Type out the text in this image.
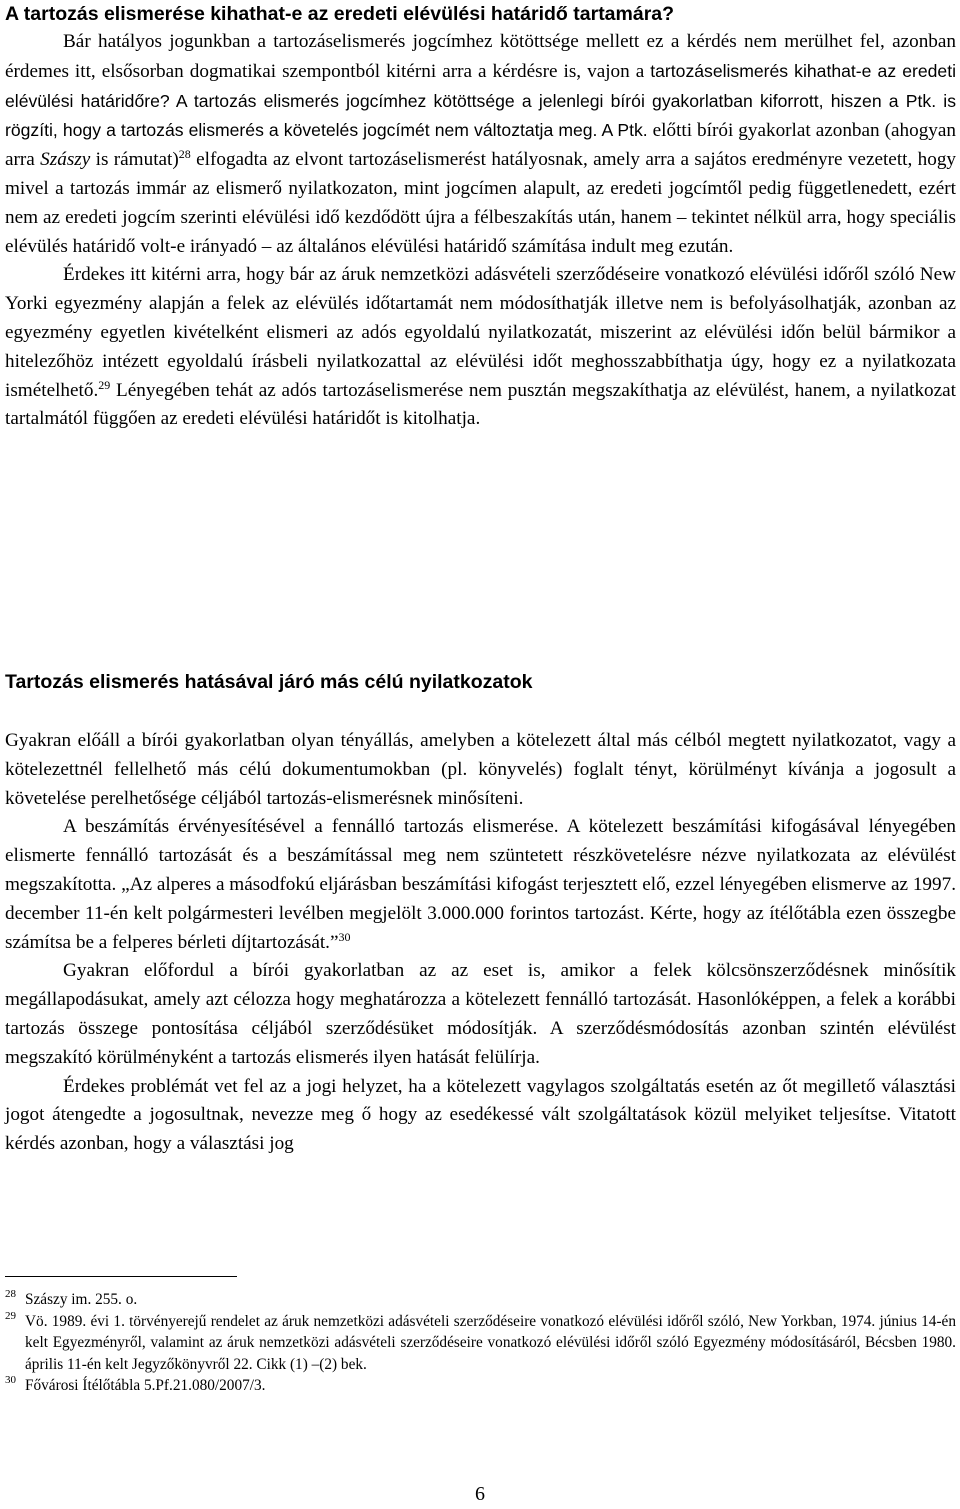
A tartozás elismerése kihathat-e az eredeti elévülési határidő tartamára?

Bár hatályos jogunkban a tartozáselismerés jogcímhez kötöttsége mellett ez a kérdés nem merülhet fel, azonban érdemes itt, elsősorban dogmatikai szempontból kitérni arra a kérdésre is, vajon a tartozáselismerés kihathat-e az eredeti elévülési határidőre? A tartozás elismerés jogcímhez kötöttsége a jelenlegi bírói gyakorlatban kiforrott, hiszen a Ptk. is rögzíti, hogy a tartozás elismerés a követelés jogcímét nem változtatja meg. A Ptk. előtti bírói gyakorlat azonban (ahogyan arra Szászy is rámutat)$^{28}$ elfogadta az elvont tartozáselismerést hatályosnak, amely arra a sajátos eredményre vezetett, hogy mivel a tartozás immár az elismerő nyilatkozaton, mint jogcímen alapult, az eredeti jogcímtől pedig függetlenedett, ezért nem az eredeti jogcím szerinti elévülési idő kezdődött újra a félbeszakítás után, hanem – tekintet nélkül arra, hogy speciális elévülés határidő volt-e irányadó – az általános elévülési határidő számítása indult meg ezután.

Érdekes itt kitérni arra, hogy bár az áruk nemzetközi adásvételi szerződéseire vonatkozó elévülési időről szóló New Yorki egyezmény alapján a felek az elévülés időtartamát nem módosíthatják illetve nem is befolyásolhatják, azonban az egyezmény egyetlen kivételként elismeri az adós egyoldalú nyilatkozatát, miszerint az elévülési időn belül bármikor a hitelezőhöz intézett egyoldalú írásbeli nyilatkozattal az elévülési időt meghosszabbíthatja úgy, hogy ez a nyilatkozata ismételhető.$^{29}$ Lényegében tehát az adós tartozáselismerése nem pusztán megszakíthatja az elévülést, hanem, a nyilatkozat tartalmától függően az eredeti elévülési határidőt is kitolhatja.

Tartozás elismerés hatásával járó más célú nyilatkozatok

Gyakran előáll a bírói gyakorlatban olyan tényállás, amelyben a kötelezett által más célból megtett nyilatkozatot, vagy a kötelezettnél fellelhető más célú dokumentumokban (pl. könyvelés) foglalt tényt, körülményt kívánja a jogosult a követelése perelhetősége céljából tartozás-elismerésnek minősíteni.

A beszámítás érvényesítésével a fennálló tartozás elismerése. A kötelezett beszámítási kifogásával lényegében elismerte fennálló tartozását és a beszámítással meg nem szüntetett részkövetelésre nézve nyilatkozata az elévülést megszakította. „Az alperes a másodfokú eljárásban beszámítási kifogást terjesztett elő, ezzel lényegében elismerve az 1997. december 11-én kelt polgármesteri levélben megjelölt 3.000.000 forintos tartozást. Kérte, hogy az ítélőtábla ezen összegbe számítsa be a felperes bérleti díjtartozását.”$^{30}$

Gyakran előfordul a bírói gyakorlatban az az eset is, amikor a felek kölcsönszerződésnek minősítik megállapodásukat, amely azt célozza hogy meghatározza a kötelezett fennálló tartozását. Hasonlóképpen, a felek a korábbi tartozás összege pontosítása céljából szerződésüket módosítják. A szerződésmódosítás azonban szintén elévülést megszakító körülményként a tartozás elismerés ilyen hatását felülírja.

Érdekes problémát vet fel az a jogi helyzet, ha a kötelezett vagylagos szolgáltatás esetén az őt megillető választási jogot átengedte a jogosultnak, nevezze meg ő hogy az esedékessé vált szolgáltatások közül melyiket teljesítse. Vitatott kérdés azonban, hogy a választási jog

28 Szászy im. 255. o.
29 Vö. 1989. évi 1. törvényerejű rendelet az áruk nemzetközi adásvételi szerződéseire vonatkozó elévülési időről szóló, New Yorkban, 1974. június 14-én kelt Egyezményről, valamint az áruk nemzetközi adásvételi szerződéseire vonatkozó elévülési időről szóló Egyezmény módosításáról, Bécsben 1980. április 11-én kelt Jegyzőkönyvről 22. Cikk (1) –(2) bek.
30 Fővárosi Ítélőtábla 5.Pf.21.080/2007/3.
6
